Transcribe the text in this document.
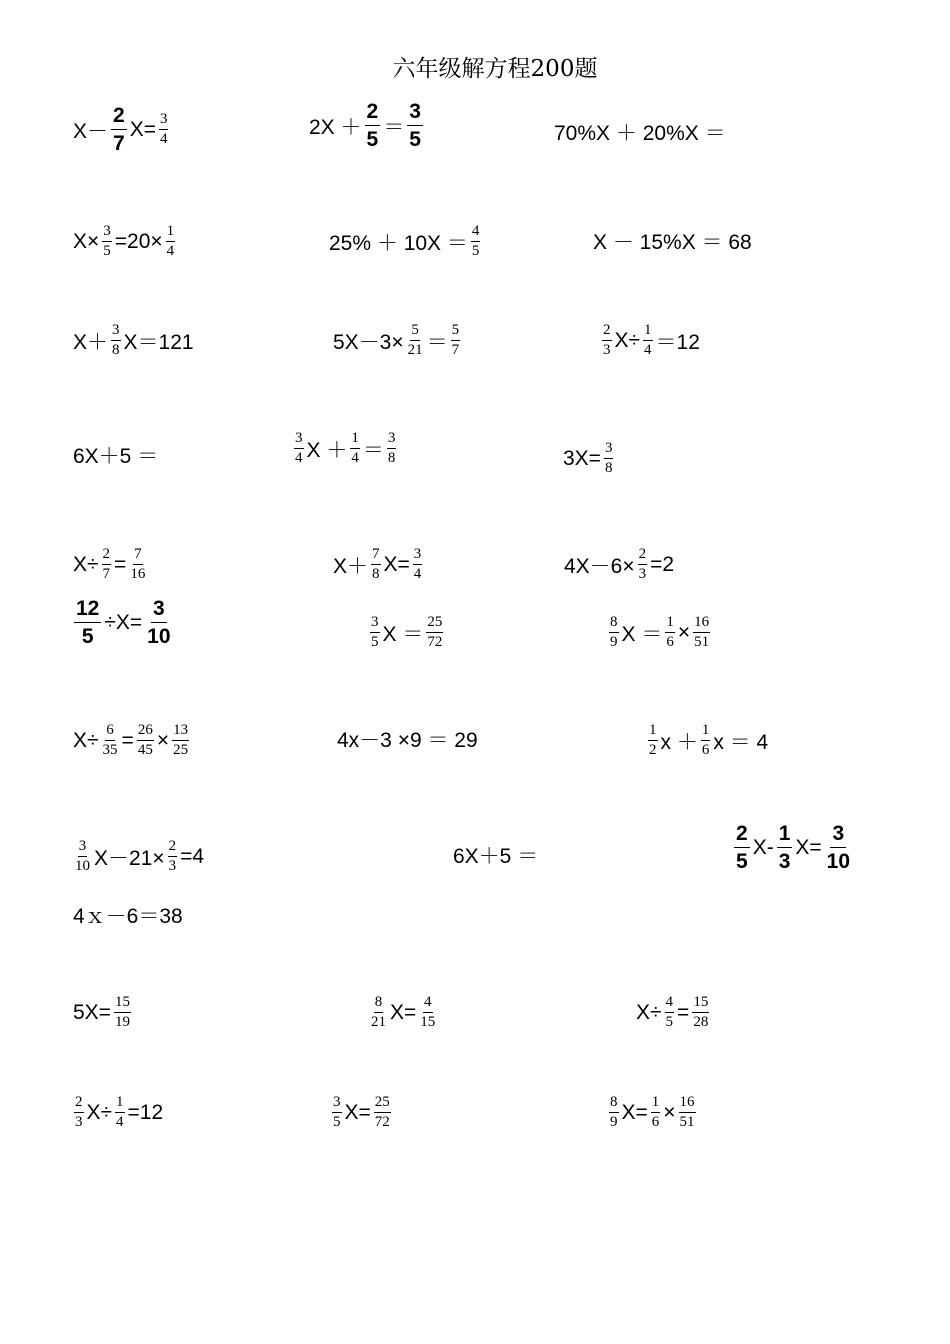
六年级解方程200题
$X- \frac{2}{7} X= \frac{3}{4}$	$2X + \frac{2}{5} = \frac{3}{5}$	70%X ＋ 20%X ＝
$X\times \frac{3}{5} =20\times \frac{1}{4}$	$25\% + 10X = \frac{4}{5}$	X － 15%X ＝ 68
$X+ \frac{3}{8} X=121$	$5X-3\times \frac{5}{21} = \frac{5}{7}$	$\frac{2}{3} X\div \frac{1}{4} =12$
6X＋5 ＝	$\frac{3}{4}$ $X + \frac{1}{4} = \frac{3}{8}$	$3X= \frac{3}{8}$
$X\div \frac{2}{7} = \frac{7}{16}$	$X+ \frac{7}{8} X= \frac{3}{4}$	$4X-6\times \frac{2}{3} =2$
$\frac{12}{5} \div X= \frac{3}{10}$	$\frac{3}{5}$ $X = \frac{25}{72}$	$\frac{8}{9}$ $X = \frac{1}{6} \times \frac{16}{51}$
$X\div \frac{6}{35} = \frac{26}{45} \times \frac{13}{25}$	4x－3 ×9 ＝ 29	$\frac{1}{2}$ $x + \frac{1}{6}$ x ＝ 4
$\frac{3}{10} X-21\times \frac{2}{3} =4$	6X＋5 ＝	$\frac{2}{5} X- \frac{1}{3} X= \frac{3}{10}$
4ｘ－6＝38
$5X= \frac{15}{19}$	$\frac{8}{21} X= \frac{4}{15}$	$X\div \frac{4}{5} = \frac{15}{28}$
$\frac{2}{3} X\div \frac{1}{4} =12$	$\frac{3}{5} X= \frac{25}{72}$	$\frac{8}{9} X= \frac{1}{6} \times \frac{16}{51}$
